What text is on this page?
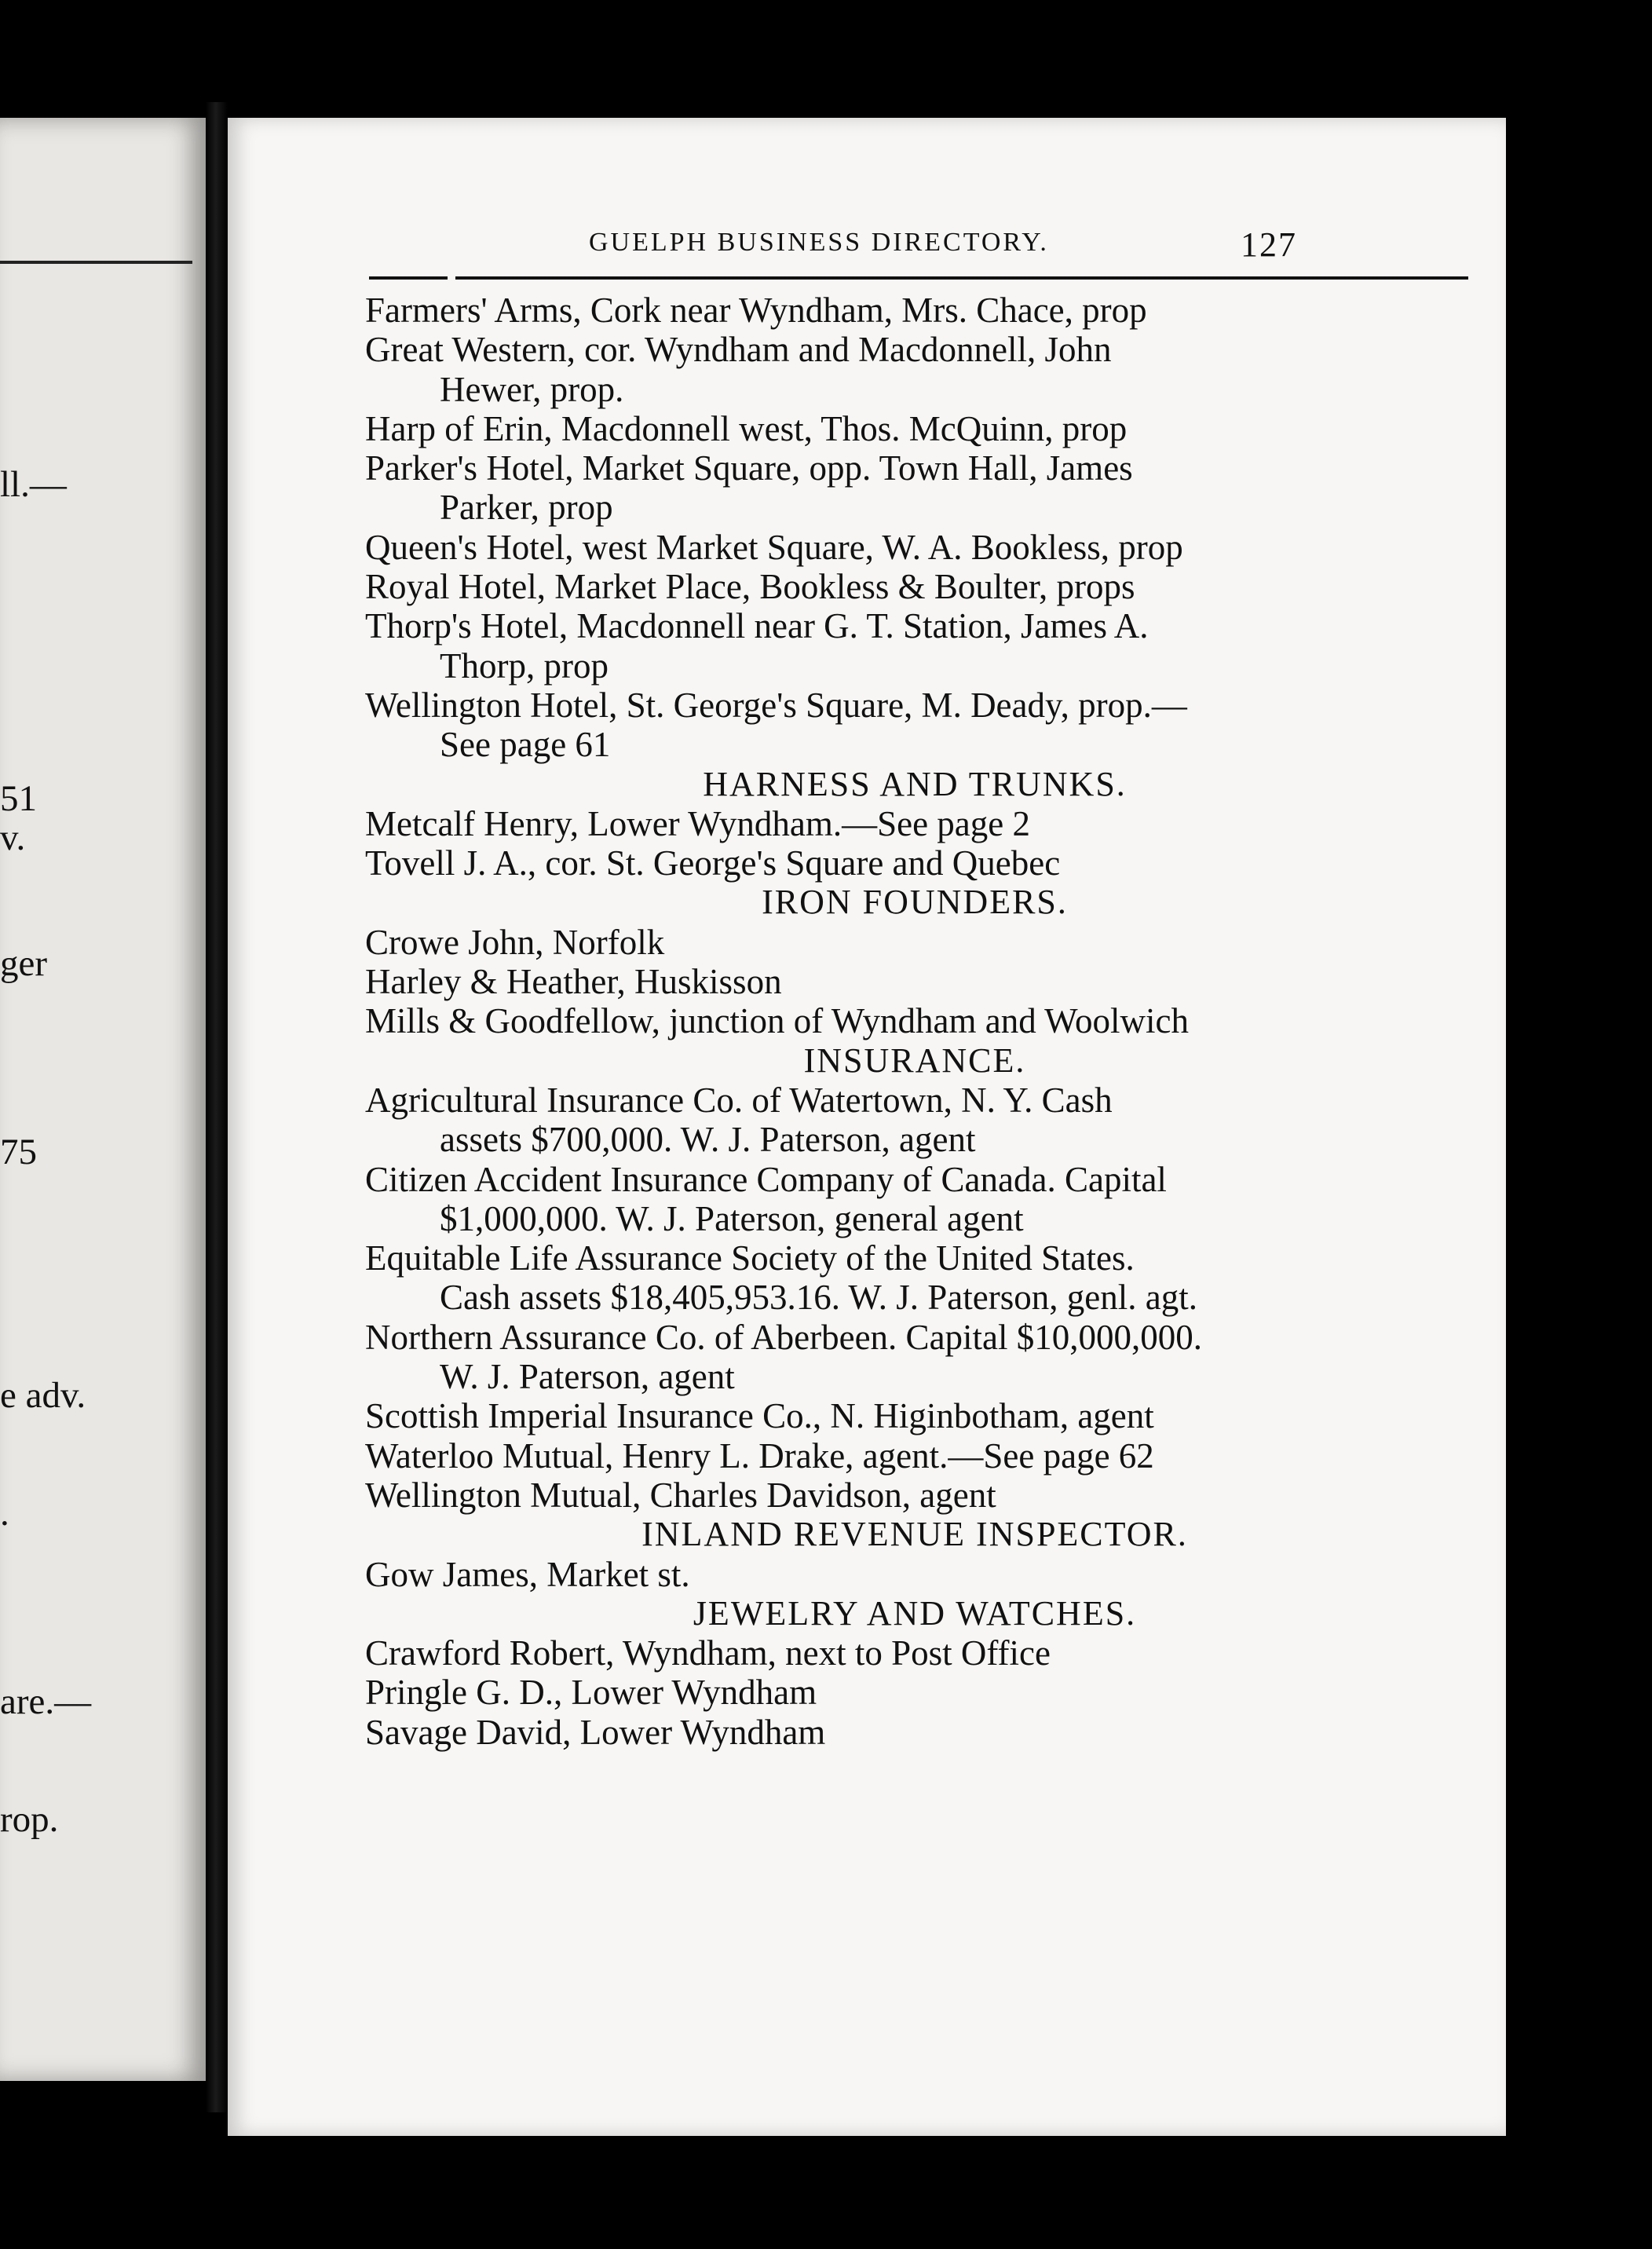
ll.—
51
v.
ger
75
e adv.
.
are.—
rop.
GUELPH BUSINESS DIRECTORY.	127
Farmers' Arms, Cork near Wyndham, Mrs. Chace, prop
Great Western, cor. Wyndham and Macdonnell, John
Hewer, prop.
Harp of Erin, Macdonnell west, Thos. McQuinn, prop
Parker's Hotel, Market Square, opp. Town Hall, James
Parker, prop
Queen's Hotel, west Market Square, W. A. Bookless, prop
Royal Hotel, Market Place, Bookless & Boulter, props
Thorp's Hotel, Macdonnell near G. T. Station, James A.
Thorp, prop
Wellington Hotel, St. George's Square, M. Deady, prop.—
See page 61
HARNESS AND TRUNKS.
Metcalf Henry, Lower Wyndham.—See page 2
Tovell J. A., cor. St. George's Square and Quebec
IRON FOUNDERS.
Crowe John, Norfolk
Harley & Heather, Huskisson
Mills & Goodfellow, junction of Wyndham and Woolwich
INSURANCE.
Agricultural Insurance Co. of Watertown, N. Y. Cash
assets $700,000. W. J. Paterson, agent
Citizen Accident Insurance Company of Canada. Capital
$1,000,000. W. J. Paterson, general agent
Equitable Life Assurance Society of the United States.
Cash assets $18,405,953.16. W. J. Paterson, genl. agt.
Northern Assurance Co. of Aberbeen. Capital $10,000,000.
W. J. Paterson, agent
Scottish Imperial Insurance Co., N. Higinbotham, agent
Waterloo Mutual, Henry L. Drake, agent.—See page 62
Wellington Mutual, Charles Davidson, agent
INLAND REVENUE INSPECTOR.
Gow James, Market st.
JEWELRY AND WATCHES.
Crawford Robert, Wyndham, next to Post Office
Pringle G. D., Lower Wyndham
Savage David, Lower Wyndham
